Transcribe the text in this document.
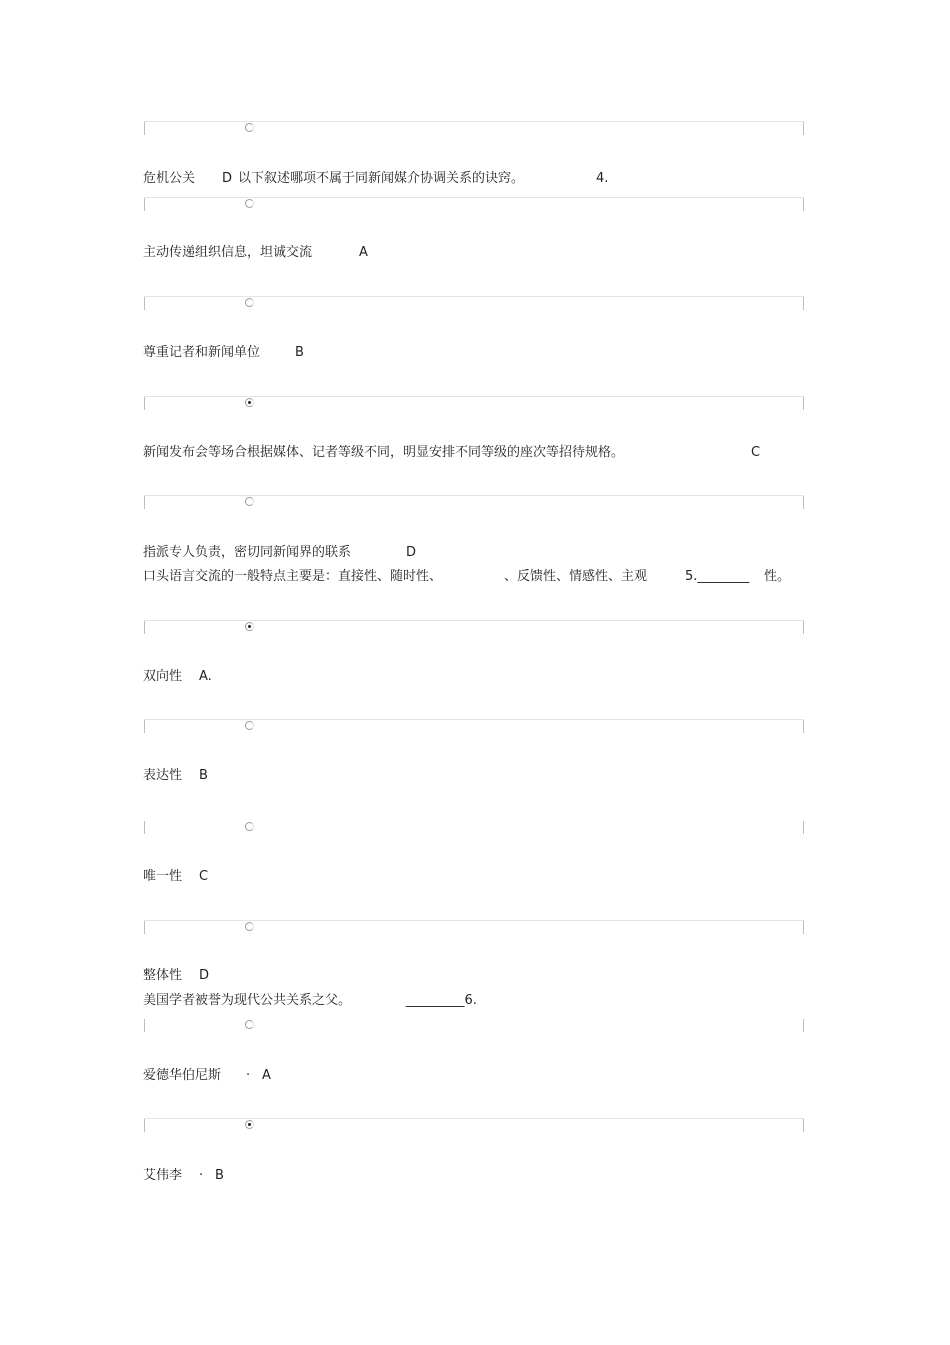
危机公关 D 以下叙述哪项不属于同新闻媒介协调关系的诀窍。	4.
主动传递组织信息，坦诚交流	A
尊重记者和新闻单位	B
新闻发布会等场合根据媒体、记者等级不同，明显安排不同等级的座次等招待规格。	C
指派专人负责，密切同新闻界的联系	D
口头语言交流的一般特点主要是：直接性、随时性、	、反馈性、情感性、主观	5.________ 性。
双向性 A.
表达性 B
唯一性 C
整体性 D
美国学者被誉为现代公共关系之父。	_________6.
爱德华伯尼斯 · A
艾伟李 · B
